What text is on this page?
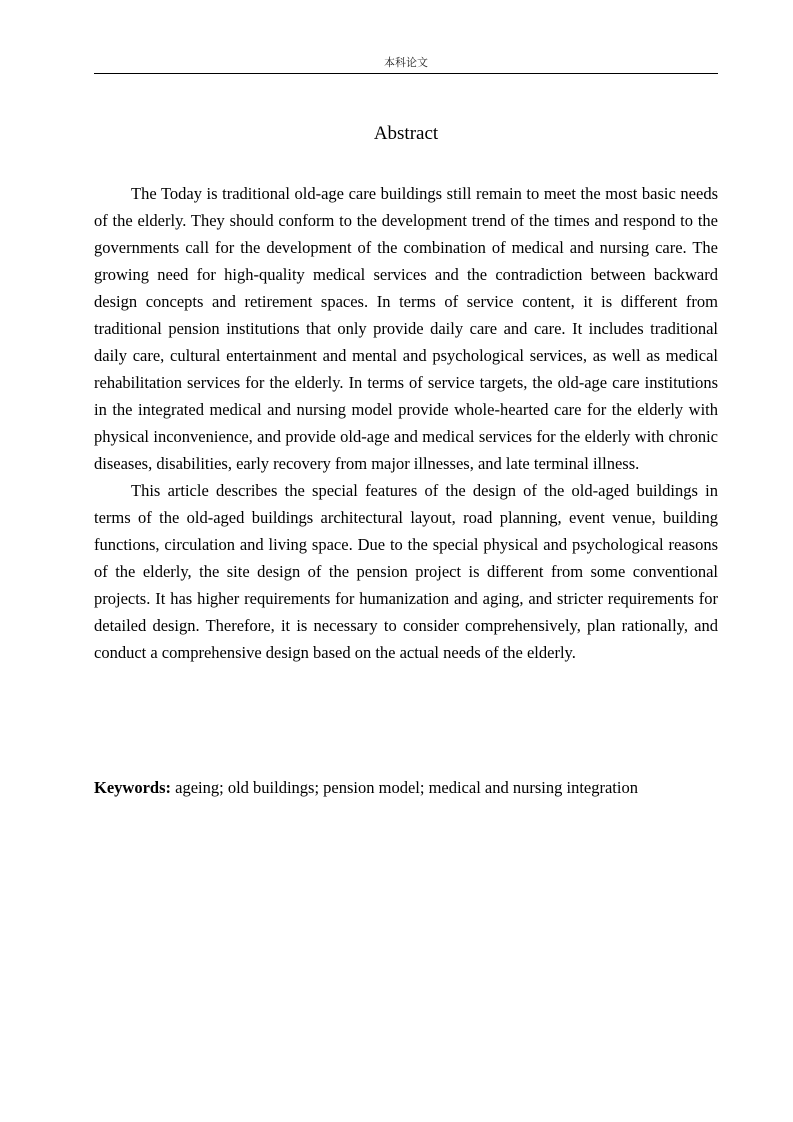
本科论文
Abstract

The Today is traditional old-age care buildings still remain to meet the most basic needs of the elderly. They should conform to the development trend of the times and respond to the governments call for the development of the combination of medical and nursing care. The growing need for high-quality medical services and the contradiction between backward design concepts and retirement spaces. In terms of service content, it is different from traditional pension institutions that only provide daily care and care. It includes traditional daily care, cultural entertainment and mental and psychological services, as well as medical rehabilitation services for the elderly. In terms of service targets, the old-age care institutions in the integrated medical and nursing model provide whole-hearted care for the elderly with physical inconvenience, and provide old-age and medical services for the elderly with chronic diseases, disabilities, early recovery from major illnesses, and late terminal illness.

This article describes the special features of the design of the old-aged buildings in terms of the old-aged buildings architectural layout, road planning, event venue, building functions, circulation and living space. Due to the special physical and psychological reasons of the elderly, the site design of the pension project is different from some conventional projects. It has higher requirements for humanization and aging, and stricter requirements for detailed design. Therefore, it is necessary to consider comprehensively, plan rationally, and conduct a comprehensive design based on the actual needs of the elderly.

Keywords: ageing; old buildings; pension model; medical and nursing integration
